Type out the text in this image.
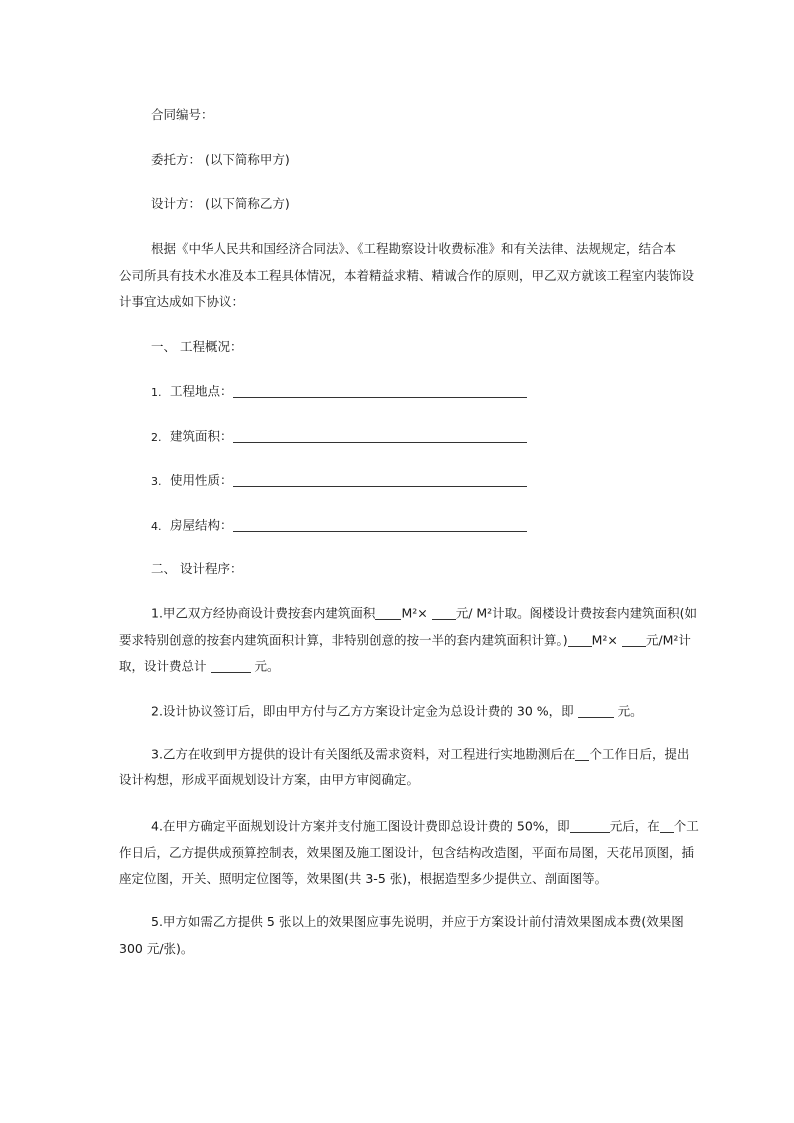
合同编号：
委托方： (以下简称甲方)
设计方： (以下简称乙方)
根据《中华人民共和国经济合同法》、《工程勘察设计收费标准》和有关法律、法规规定，结合本
公司所具有技术水准及本工程具体情况，本着精益求精、精诚合作的原则，甲乙双方就该工程室内装饰设
计事宜达成如下协议：
一、 工程概况：
1. 工程地点：
2. 建筑面积：
3. 使用性质：
4. 房屋结构：
二、 设计程序：
1.甲乙双方经协商设计费按套内建筑面积 M²× 元/ M²计取。阁楼设计费按套内建筑面积(如
要求特别创意的按套内建筑面积计算，非特别创意的按一半的套内建筑面积计算。) M²× 元/M²计
取，设计费总计	元。
2.设计协议签订后，即由甲方付与乙方方案设计定金为总设计费的 30 %，即	元。
3.乙方在收到甲方提供的设计有关图纸及需求资料，对工程进行实地勘测后在 个工作日后，提出
设计构想，形成平面规划设计方案，由甲方审阅确定。
4.在甲方确定平面规划设计方案并支付施工图设计费即总设计费的 50%，即	元后，在 个工
作日后，乙方提供成预算控制表，效果图及施工图设计，包含结构改造图，平面布局图，天花吊顶图，插
座定位图，开关、照明定位图等，效果图(共 3-5 张)，根据造型多少提供立、剖面图等。
5.甲方如需乙方提供 5 张以上的效果图应事先说明，并应于方案设计前付清效果图成本费(效果图
300 元/张)。
